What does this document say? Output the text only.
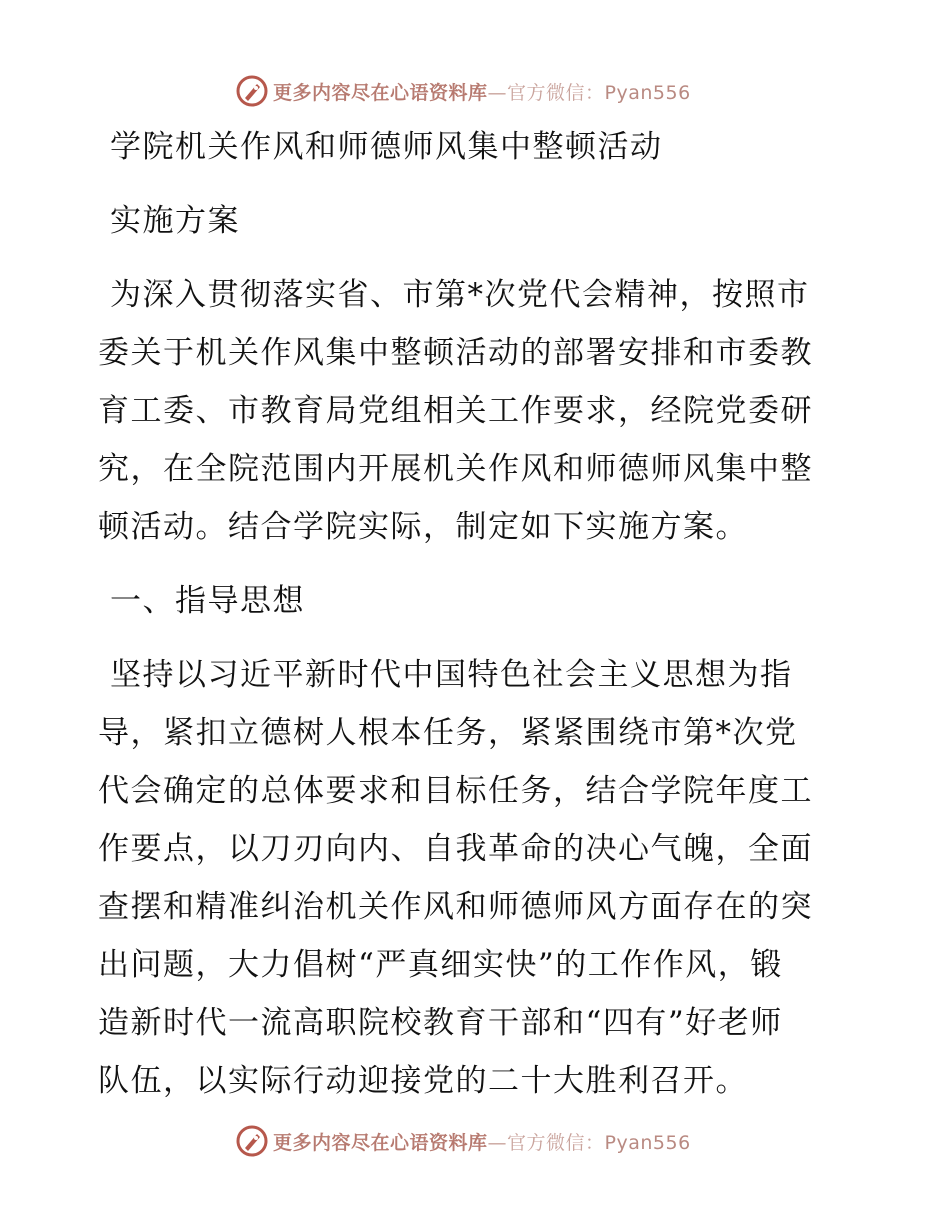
更多内容尽在心语资料库—官方微信：Pyan556
学院机关作风和师德师风集中整顿活动
实施方案
为深入贯彻落实省、市第*次党代会精神，按照市
委关于机关作风集中整顿活动的部署安排和市委教
育工委、市教育局党组相关工作要求，经院党委研
究，在全院范围内开展机关作风和师德师风集中整
顿活动。结合学院实际，制定如下实施方案。
一、指导思想
坚持以习近平新时代中国特色社会主义思想为指
导，紧扣立德树人根本任务，紧紧围绕市第*次党
代会确定的总体要求和目标任务，结合学院年度工
作要点，以刀刃向内、自我革命的决心气魄，全面
查摆和精准纠治机关作风和师德师风方面存在的突
出问题，大力倡树“严真细实快”的工作作风，锻
造新时代一流高职院校教育干部和“四有”好老师
队伍，以实际行动迎接党的二十大胜利召开。
更多内容尽在心语资料库—官方微信：Pyan556
